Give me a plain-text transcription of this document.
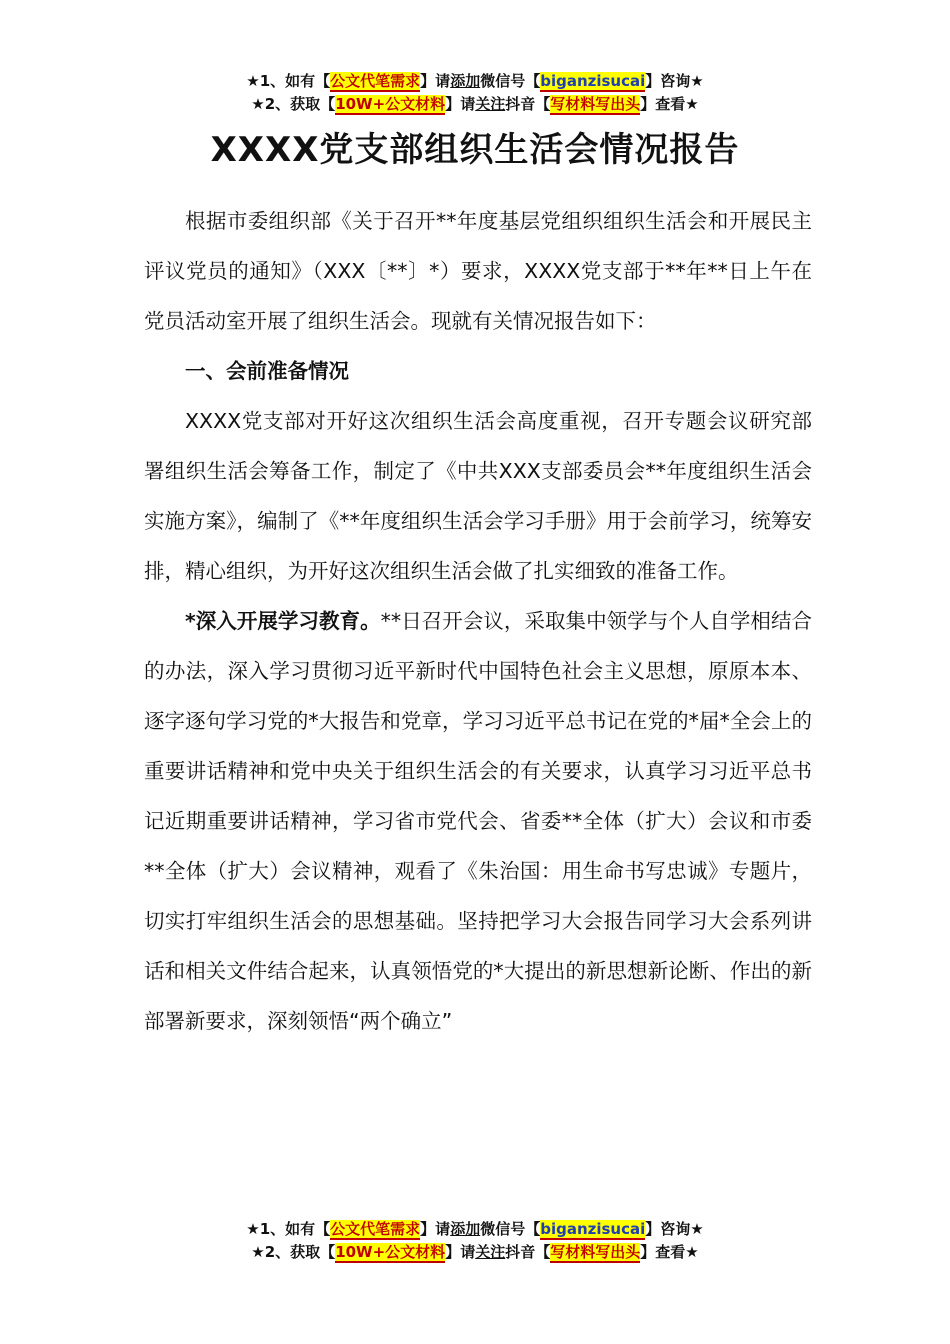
★1、如有【公文代笔需求】请添加微信号【biganzisucai】咨询★
★2、获取【10W+公文材料】请关注抖音【写材料写出头】查看★
XXXX党支部组织生活会情况报告

根据市委组织部《关于召开**年度基层党组织组织生活会和开展民主评议党员的通知》（XXX〔**〕*）要求，XXXX党支部于**年**日上午在党员活动室开展了组织生活会。现就有关情况报告如下：

一、会前准备情况

XXXX党支部对开好这次组织生活会高度重视，召开专题会议研究部署组织生活会筹备工作，制定了《中共XXX支部委员会**年度组织生活会实施方案》，编制了《**年度组织生活会学习手册》用于会前学习，统筹安排，精心组织，为开好这次组织生活会做了扎实细致的准备工作。

*深入开展学习教育。**日召开会议，采取集中领学与个人自学相结合的办法，深入学习贯彻习近平新时代中国特色社会主义思想，原原本本、逐字逐句学习党的*大报告和党章，学习习近平总书记在党的*届*全会上的重要讲话精神和党中央关于组织生活会的有关要求，认真学习习近平总书记近期重要讲话精神，学习省市党代会、省委**全体（扩大）会议和市委**全体（扩大）会议精神，观看了《朱治国：用生命书写忠诚》专题片，切实打牢组织生活会的思想基础。坚持把学习大会报告同学习大会系列讲话和相关文件结合起来，认真领悟党的*大提出的新思想新论断、作出的新部署新要求，深刻领悟“两个确立”

★1、如有【公文代笔需求】请添加微信号【biganzisucai】咨询★
★2、获取【10W+公文材料】请关注抖音【写材料写出头】查看★
